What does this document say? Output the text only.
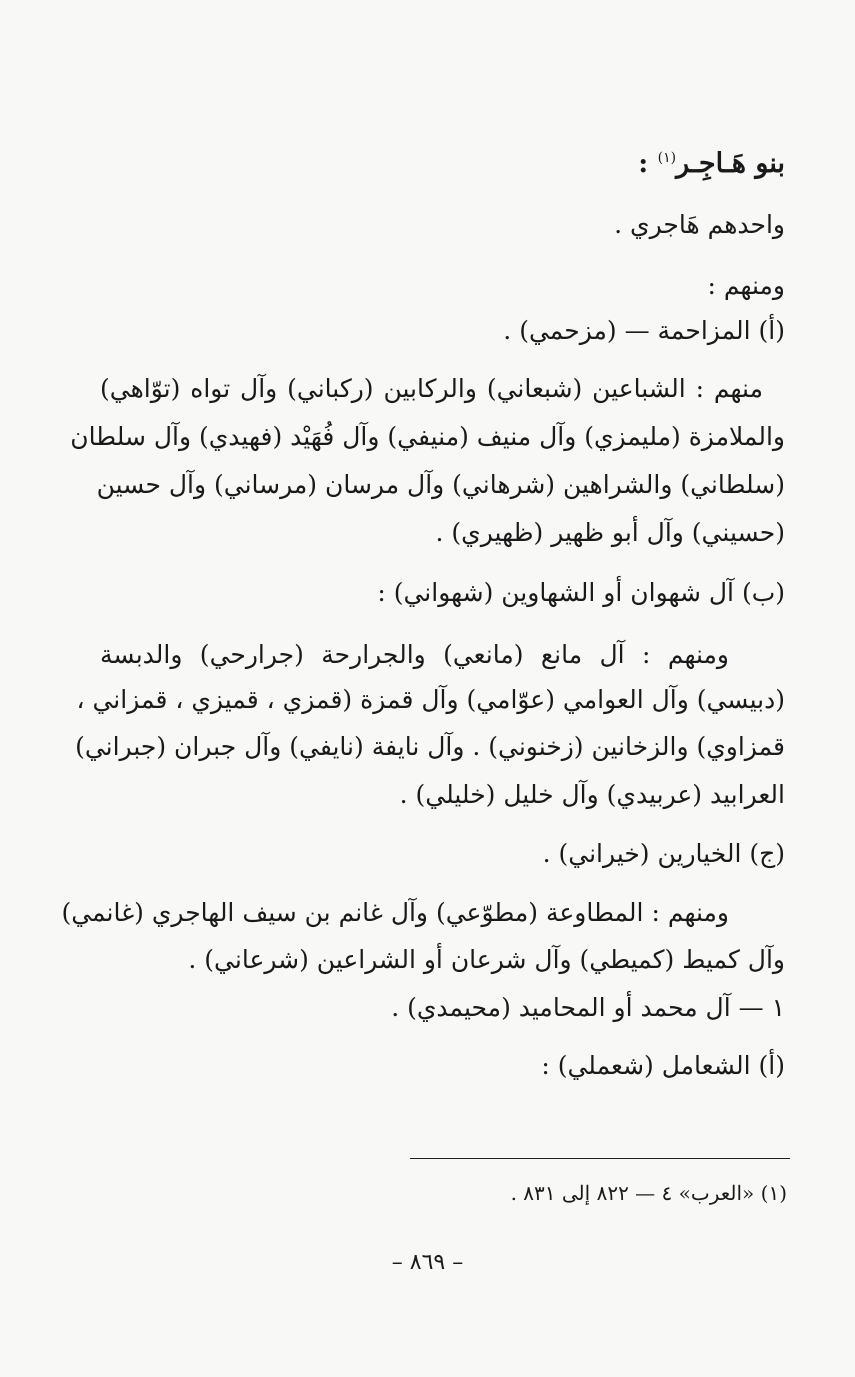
بنو هَـاجِـر$^{(١)}$ :
واحدهم هَاجري .
ومنهم :
(أ) المزاحمة — (مزحمي) .
منهم : الشباعين (شبعاني) والركابين (ركباني) وآل تواه (توّاهي)
والملامزة (مليمزي) وآل منيف (منيفي) وآل فُهَيْد (فهيدي) وآل سلطان
(سلطاني) والشراهين (شرهاني) وآل مرسان (مرساني) وآل حسين
(حسيني) وآل أبو ظهير (ظهيري) .
(ب) آل شهوان أو الشهاوين (شهواني) :
ومنهم : آل مانع (مانعي) والجرارحة (جرارحي) والدبسة
(دبيسي) وآل العوامي (عوّامي) وآل قمزة (قمزي ، قميزي ، قمزاني ،
قمزاوي) والزخانين (زخنوني) . وآل نايفة (نايفي) وآل جبران (جبراني)
العرابيد (عربيدي) وآل خليل (خليلي) .
(ج) الخيارين (خيراني) .
ومنهم : المطاوعة (مطوّعي) وآل غانم بن سيف الهاجري (غانمي)
وآل كميط (كميطي) وآل شرعان أو الشراعين (شرعاني) .
١ — آل محمد أو المحاميد (محيمدي) .
(أ) الشعامل (شعملي) :
(١) «العرب» ٤ — ٨٢٢ إلى ٨٣١ .
– ٨٦٩ –
